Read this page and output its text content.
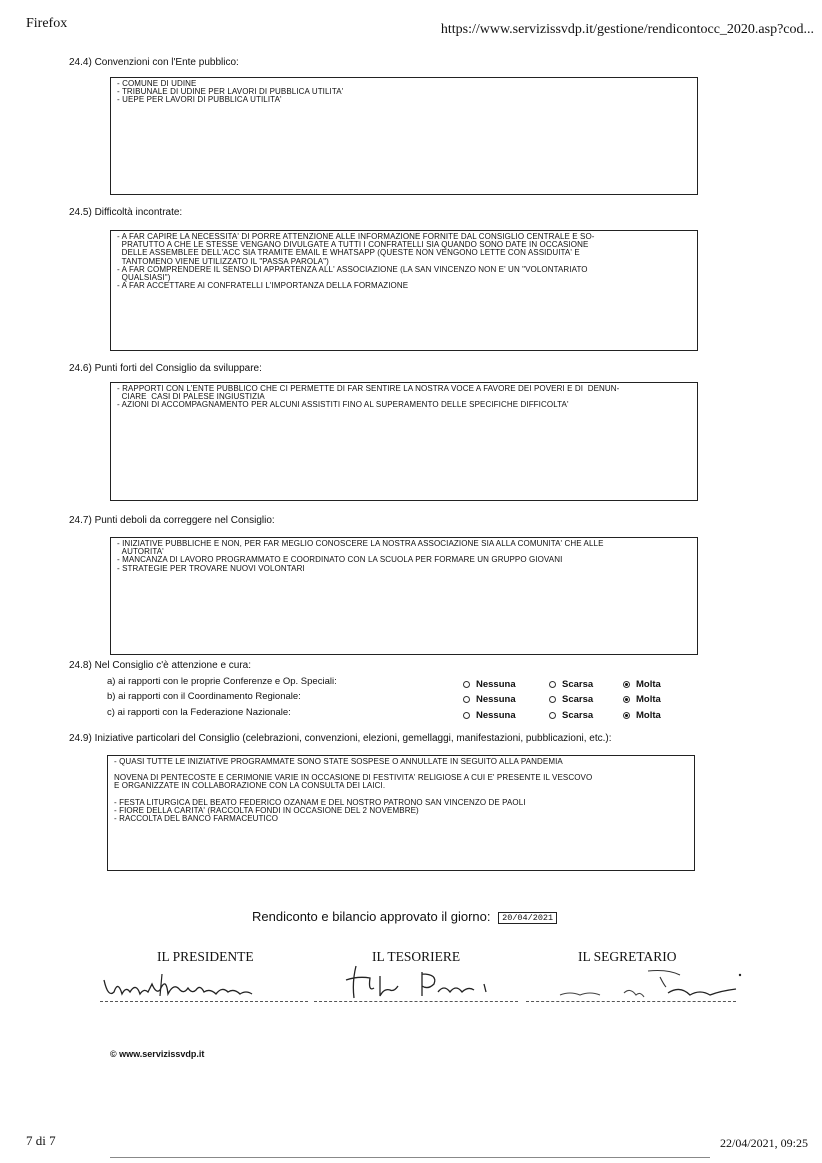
Firefox	https://www.servizissvdp.it/gestione/rendicontocc_2020.asp?cod...
24.4) Convenzioni con l'Ente pubblico:
- COMUNE DI UDINE
- TRIBUNALE DI UDINE PER LAVORI DI PUBBLICA UTILITA'
- UEPE PER LAVORI DI PUBBLICA UTILITA'
24.5) Difficoltà incontrate:
- A FAR CAPIRE LA NECESSITA' DI PORRE ATTENZIONE ALLE INFORMAZIONE FORNITE DAL CONSIGLIO CENTRALE E SO-
PRATUTTO A CHE LE STESSE VENGANO DIVULGATE A TUTTI I CONFRATELLI SIA QUANDO SONO DATE IN OCCASIONE
DELLE ASSEMBLEE DELL'ACC SIA TRAMITE EMAIL E WHATSAPP (QUESTE NON VENGONO LETTE CON ASSIDUITA' E
TANTOMENO VIENE UTILIZZATO IL "PASSA PAROLA")
- A FAR COMPRENDERE IL SENSO DI APPARTENZA ALL' ASSOCIAZIONE (LA SAN VINCENZO NON E' UN "VOLONTARIATO
QUALSIASI")
- A FAR ACCETTARE AI CONFRATELLI L'IMPORTANZA DELLA FORMAZIONE
24.6) Punti forti del Consiglio da sviluppare:
- RAPPORTI CON L'ENTE PUBBLICO CHE CI PERMETTE DI FAR SENTIRE LA NOSTRA VOCE A FAVORE DEI POVERI E DI  DENUN-
CIARE  CASI DI PALESE INGIUSTIZIA
- AZIONI DI ACCOMPAGNAMENTO PER ALCUNI ASSISTITI FINO AL SUPERAMENTO DELLE SPECIFICHE DIFFICOLTA'
24.7) Punti deboli da correggere nel Consiglio:
- INIZIATIVE PUBBLICHE E NON, PER FAR MEGLIO CONOSCERE LA NOSTRA ASSOCIAZIONE SIA ALLA COMUNITA' CHE ALLE
AUTORITA'
- MANCANZA DI LAVORO PROGRAMMATO E COORDINATO CON LA SCUOLA PER FORMARE UN GRUPPO GIOVANI
- STRATEGIE PER TROVARE NUOVI VOLONTARI
24.8) Nel Consiglio c'è attenzione e cura:
a) ai rapporti con le proprie Conferenze e Op. Speciali:	Nessuna	Scarsa	Molta
b) ai rapporti con il Coordinamento Regionale:	Nessuna	Scarsa	Molta
c) ai rapporti con la Federazione Nazionale:	Nessuna	Scarsa	Molta
24.9) Iniziative particolari del Consiglio (celebrazioni, convenzioni, elezioni, gemellaggi, manifestazioni, pubblicazioni, etc.):
- QUASI TUTTE LE INIZIATIVE PROGRAMMATE SONO STATE SOSPESE O ANNULLATE IN SEGUITO ALLA PANDEMIA
NOVENA DI PENTECOSTE E CERIMONIE VARIE IN OCCASIONE DI FESTIVITA' RELIGIOSE A CUI E' PRESENTE IL VESCOVO
E ORGANIZZATE IN COLLABORAZIONE CON LA CONSULTA DEI LAICI.
- FESTA LITURGICA DEL BEATO FEDERICO OZANAM E DEL NOSTRO PATRONO SAN VINCENZO DE PAOLI
- FIORE DELLA CARITA' (RACCOLTA FONDI IN OCCASIONE DEL 2 NOVEMBRE)
- RACCOLTA DEL BANCO FARMACEUTICO
Rendiconto e bilancio approvato il giorno: 20/04/2021
IL PRESIDENTE	IL TESORIERE	IL SEGRETARIO
© www.servizissvdp.it
7 di 7	22/04/2021, 09:25
